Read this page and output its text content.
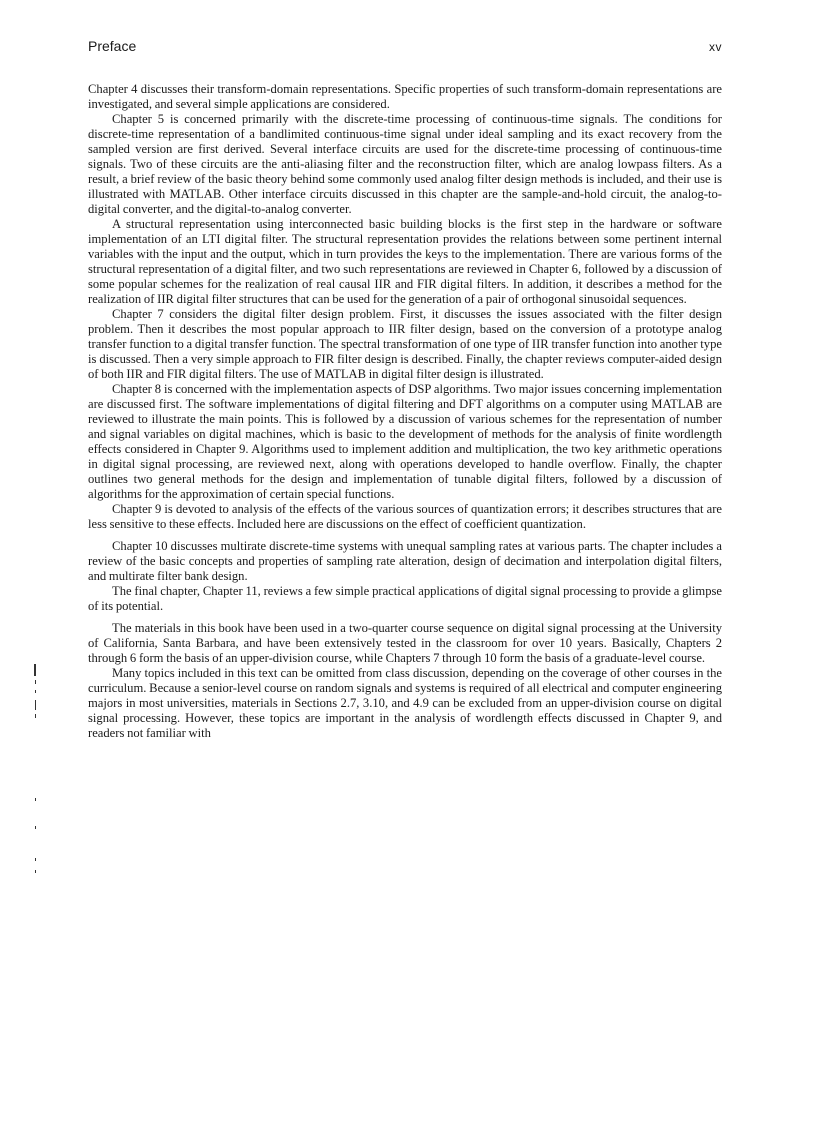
Preface	xv

Chapter 4 discusses their transform-domain representations. Specific properties of such transform-domain representations are investigated, and several simple applications are considered.

Chapter 5 is concerned primarily with the discrete-time processing of continuous-time signals. The conditions for discrete-time representation of a bandlimited continuous-time signal under ideal sampling and its exact recovery from the sampled version are first derived. Several interface circuits are used for the discrete-time processing of continuous-time signals. Two of these circuits are the anti-aliasing filter and the reconstruction filter, which are analog lowpass filters. As a result, a brief review of the basic theory behind some commonly used analog filter design methods is included, and their use is illustrated with MATLAB. Other interface circuits discussed in this chapter are the sample-and-hold circuit, the analog-to-digital converter, and the digital-to-analog converter.

A structural representation using interconnected basic building blocks is the first step in the hardware or software implementation of an LTI digital filter. The structural representation provides the relations between some pertinent internal variables with the input and the output, which in turn provides the keys to the implementation. There are various forms of the structural representation of a digital filter, and two such representations are reviewed in Chapter 6, followed by a discussion of some popular schemes for the realization of real causal IIR and FIR digital filters. In addition, it describes a method for the realization of IIR digital filter structures that can be used for the generation of a pair of orthogonal sinusoidal sequences.

Chapter 7 considers the digital filter design problem. First, it discusses the issues associated with the filter design problem. Then it describes the most popular approach to IIR filter design, based on the conversion of a prototype analog transfer function to a digital transfer function. The spectral transformation of one type of IIR transfer function into another type is discussed. Then a very simple approach to FIR filter design is described. Finally, the chapter reviews computer-aided design of both IIR and FIR digital filters. The use of MATLAB in digital filter design is illustrated.

Chapter 8 is concerned with the implementation aspects of DSP algorithms. Two major issues concerning implementation are discussed first. The software implementations of digital filtering and DFT algorithms on a computer using MATLAB are reviewed to illustrate the main points. This is followed by a discussion of various schemes for the representation of number and signal variables on digital machines, which is basic to the development of methods for the analysis of finite wordlength effects considered in Chapter 9. Algorithms used to implement addition and multiplication, the two key arithmetic operations in digital signal processing, are reviewed next, along with operations developed to handle overflow. Finally, the chapter outlines two general methods for the design and implementation of tunable digital filters, followed by a discussion of algorithms for the approximation of certain special functions.

Chapter 9 is devoted to analysis of the effects of the various sources of quantization errors; it describes structures that are less sensitive to these effects. Included here are discussions on the effect of coefficient quantization.

Chapter 10 discusses multirate discrete-time systems with unequal sampling rates at various parts. The chapter includes a review of the basic concepts and properties of sampling rate alteration, design of decimation and interpolation digital filters, and multirate filter bank design.

The final chapter, Chapter 11, reviews a few simple practical applications of digital signal processing to provide a glimpse of its potential.

The materials in this book have been used in a two-quarter course sequence on digital signal processing at the University of California, Santa Barbara, and have been extensively tested in the classroom for over 10 years. Basically, Chapters 2 through 6 form the basis of an upper-division course, while Chapters 7 through 10 form the basis of a graduate-level course.

Many topics included in this text can be omitted from class discussion, depending on the coverage of other courses in the curriculum. Because a senior-level course on random signals and systems is required of all electrical and computer engineering majors in most universities, materials in Sections 2.7, 3.10, and 4.9 can be excluded from an upper-division course on digital signal processing. However, these topics are important in the analysis of wordlength effects discussed in Chapter 9, and readers not familiar with
